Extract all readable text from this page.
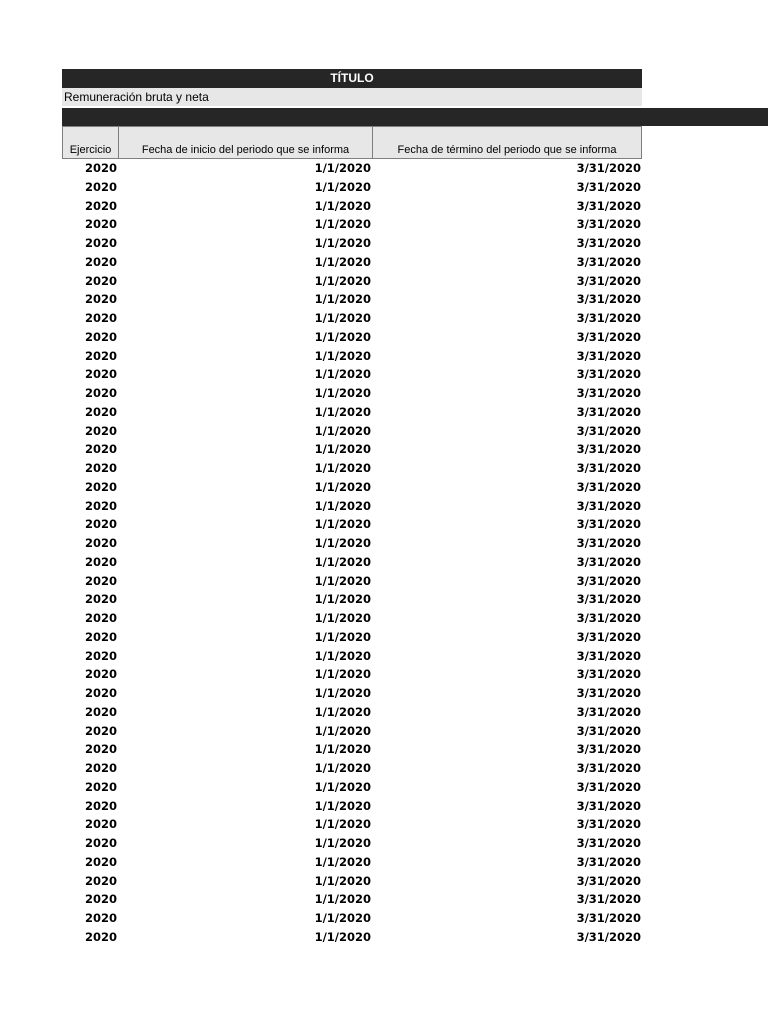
TÍTULO
Remuneración bruta y neta
Ejercicio	Fecha de inicio del periodo que se informa	Fecha de término del periodo que se informa
2020	1/1/2020	3/31/2020
2020	1/1/2020	3/31/2020
2020	1/1/2020	3/31/2020
2020	1/1/2020	3/31/2020
2020	1/1/2020	3/31/2020
2020	1/1/2020	3/31/2020
2020	1/1/2020	3/31/2020
2020	1/1/2020	3/31/2020
2020	1/1/2020	3/31/2020
2020	1/1/2020	3/31/2020
2020	1/1/2020	3/31/2020
2020	1/1/2020	3/31/2020
2020	1/1/2020	3/31/2020
2020	1/1/2020	3/31/2020
2020	1/1/2020	3/31/2020
2020	1/1/2020	3/31/2020
2020	1/1/2020	3/31/2020
2020	1/1/2020	3/31/2020
2020	1/1/2020	3/31/2020
2020	1/1/2020	3/31/2020
2020	1/1/2020	3/31/2020
2020	1/1/2020	3/31/2020
2020	1/1/2020	3/31/2020
2020	1/1/2020	3/31/2020
2020	1/1/2020	3/31/2020
2020	1/1/2020	3/31/2020
2020	1/1/2020	3/31/2020
2020	1/1/2020	3/31/2020
2020	1/1/2020	3/31/2020
2020	1/1/2020	3/31/2020
2020	1/1/2020	3/31/2020
2020	1/1/2020	3/31/2020
2020	1/1/2020	3/31/2020
2020	1/1/2020	3/31/2020
2020	1/1/2020	3/31/2020
2020	1/1/2020	3/31/2020
2020	1/1/2020	3/31/2020
2020	1/1/2020	3/31/2020
2020	1/1/2020	3/31/2020
2020	1/1/2020	3/31/2020
2020	1/1/2020	3/31/2020
2020	1/1/2020	3/31/2020
